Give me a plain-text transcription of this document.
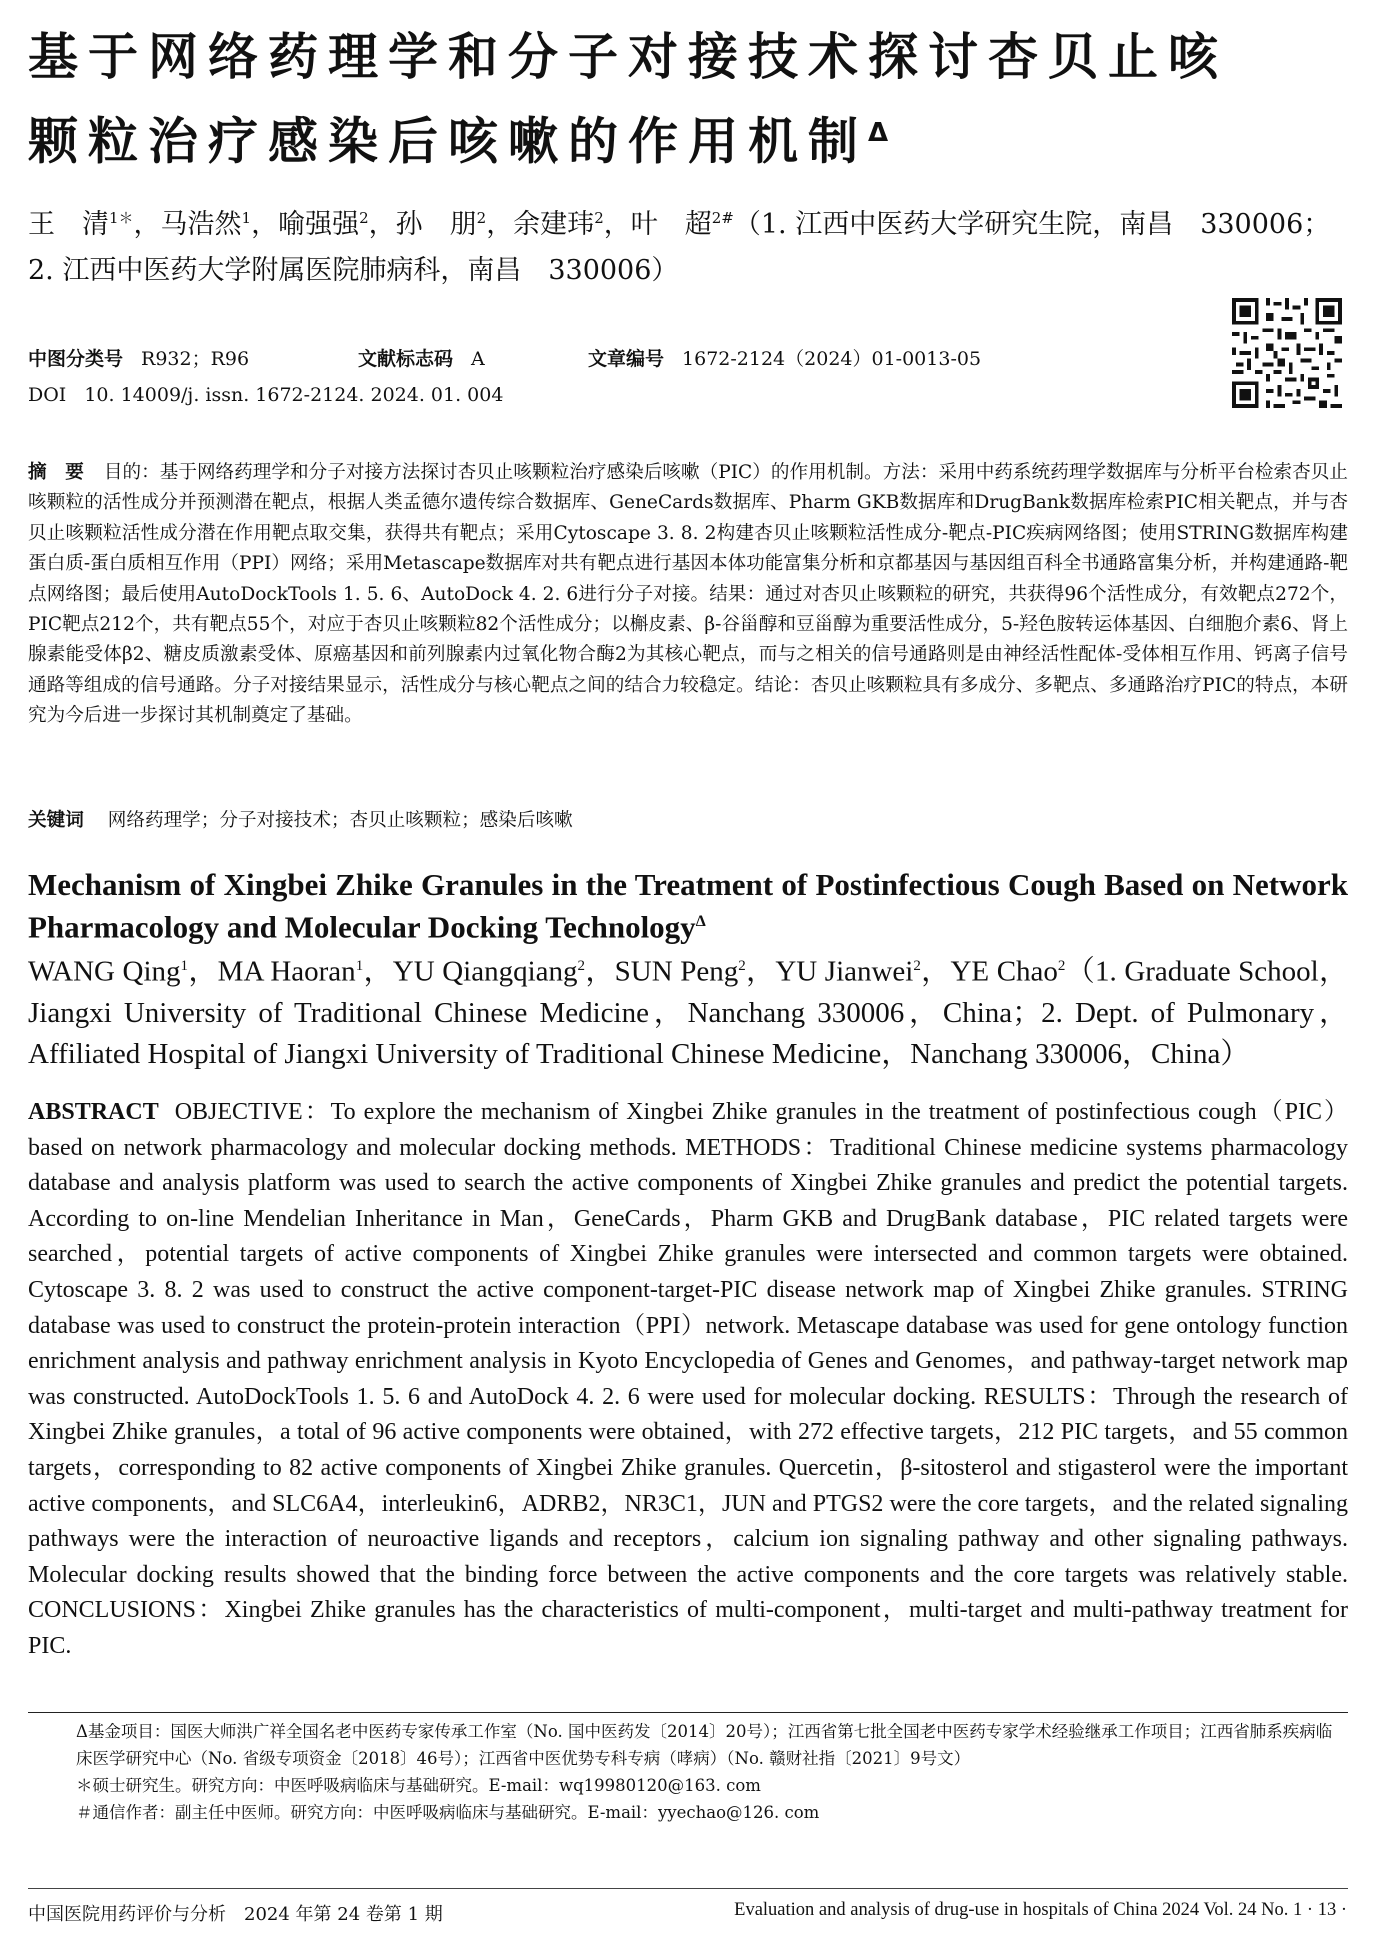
基于网络药理学和分子对接技术探讨杏贝止咳
颗粒治疗感染后咳嗽的作用机制$^\Delta$
王　清$^{1*}$，马浩然$^1$，喻强强$^2$，孙　朋$^2$，余建玮$^2$，叶　超$^{2\#}$（1. 江西中医药大学研究生院，南昌　330006；2. 江西中医药大学附属医院肺病科，南昌　330006）
中图分类号 R932；R96	文献标志码 A	文章编号 1672-2124（2024）01-0013-05
DOI 10. 14009/j. issn. 1672-2124. 2024. 01. 004
摘　要 目的：基于网络药理学和分子对接方法探讨杏贝止咳颗粒治疗感染后咳嗽（PIC）的作用机制。方法：采用中药系统药理学数据库与分析平台检索杏贝止咳颗粒的活性成分并预测潜在靶点，根据人类孟德尔遗传综合数据库、GeneCards数据库、Pharm GKB数据库和DrugBank数据库检索PIC相关靶点，并与杏贝止咳颗粒活性成分潜在作用靶点取交集，获得共有靶点；采用Cytoscape 3. 8. 2构建杏贝止咳颗粒活性成分-靶点-PIC疾病网络图；使用STRING数据库构建蛋白质-蛋白质相互作用（PPI）网络；采用Metascape数据库对共有靶点进行基因本体功能富集分析和京都基因与基因组百科全书通路富集分析，并构建通路-靶点网络图；最后使用AutoDockTools 1. 5. 6、AutoDock 4. 2. 6进行分子对接。结果：通过对杏贝止咳颗粒的研究，共获得96个活性成分，有效靶点272个，PIC靶点212个，共有靶点55个，对应于杏贝止咳颗粒82个活性成分；以槲皮素、β-谷甾醇和豆甾醇为重要活性成分，5-羟色胺转运体基因、白细胞介素6、肾上腺素能受体β2、糖皮质激素受体、原癌基因和前列腺素内过氧化物合酶2为其核心靶点，而与之相关的信号通路则是由神经活性配体-受体相互作用、钙离子信号通路等组成的信号通路。分子对接结果显示，活性成分与核心靶点之间的结合力较稳定。结论：杏贝止咳颗粒具有多成分、多靶点、多通路治疗PIC的特点，本研究为今后进一步探讨其机制奠定了基础。
关键词 网络药理学；分子对接技术；杏贝止咳颗粒；感染后咳嗽
Mechanism of Xingbei Zhike Granules in the Treatment of Postinfectious Cough Based on Network Pharmacology and Molecular Docking Technology$^\Delta$
WANG Qing$^1$，MA Haoran$^1$，YU Qiangqiang$^2$，SUN Peng$^2$，YU Jianwei$^2$，YE Chao$^2$（1. Graduate School，Jiangxi University of Traditional Chinese Medicine，Nanchang 330006，China；2. Dept. of Pulmonary，Affiliated Hospital of Jiangxi University of Traditional Chinese Medicine，Nanchang 330006，China）
ABSTRACT OBJECTIVE：To explore the mechanism of Xingbei Zhike granules in the treatment of postinfectious cough（PIC）based on network pharmacology and molecular docking methods. METHODS：Traditional Chinese medicine systems pharmacology database and analysis platform was used to search the active components of Xingbei Zhike granules and predict the potential targets. According to on-line Mendelian Inheritance in Man，GeneCards，Pharm GKB and DrugBank database，PIC related targets were searched，potential targets of active components of Xingbei Zhike granules were intersected and common targets were obtained. Cytoscape 3. 8. 2 was used to construct the active component-target-PIC disease network map of Xingbei Zhike granules. STRING database was used to construct the protein-protein interaction（PPI）network. Metascape database was used for gene ontology function enrichment analysis and pathway enrichment analysis in Kyoto Encyclopedia of Genes and Genomes，and pathway-target network map was constructed. AutoDockTools 1. 5. 6 and AutoDock 4. 2. 6 were used for molecular docking. RESULTS：Through the research of Xingbei Zhike granules，a total of 96 active components were obtained，with 272 effective targets，212 PIC targets，and 55 common targets，corresponding to 82 active components of Xingbei Zhike granules. Quercetin，β-sitosterol and stigasterol were the important active components，and SLC6A4，interleukin6，ADRB2，NR3C1，JUN and PTGS2 were the core targets，and the related signaling pathways were the interaction of neuroactive ligands and receptors，calcium ion signaling pathway and other signaling pathways. Molecular docking results showed that the binding force between the active components and the core targets was relatively stable. CONCLUSIONS：Xingbei Zhike granules has the characteristics of multi-component，multi-target and multi-pathway treatment for PIC.

Δ基金项目：国医大师洪广祥全国名老中医药专家传承工作室（No. 国中医药发〔2014〕20号）；江西省第七批全国老中医药专家学术经验继承工作项目；江西省肺系疾病临床医学研究中心（No. 省级专项资金〔2018〕46号）；江西省中医优势专科专病（哮病）（No. 赣财社指〔2021〕9号文）

＊硕士研究生。研究方向：中医呼吸病临床与基础研究。E-mail：wq19980120@163. com

＃通信作者：副主任中医师。研究方向：中医呼吸病临床与基础研究。E-mail：yyechao@126. com

中国医院用药评价与分析　2024 年第 24 卷第 1 期	Evaluation and analysis of drug-use in hospitals of China 2024 Vol. 24 No. 1 · 13 ·
